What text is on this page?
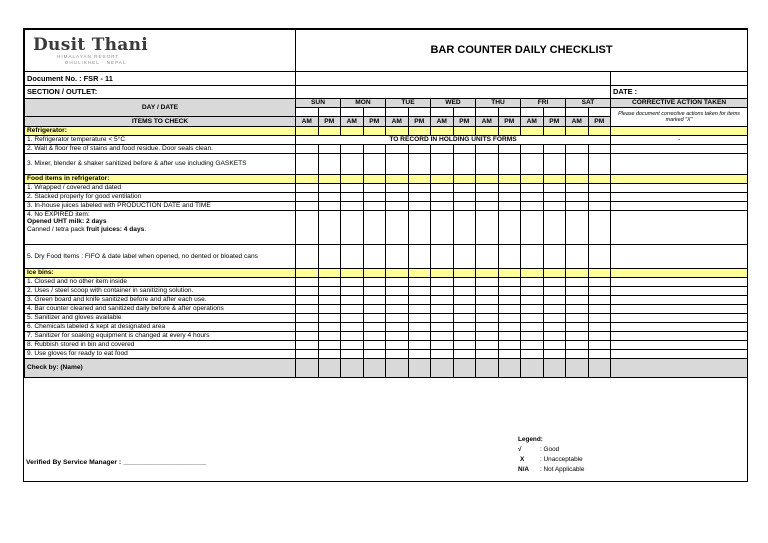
Dusit Thani
HIMALAYAN RESORT
DHULIKHEL · NEPAL	BAR COUNTER DAILY CHECKLIST														
Document No. : FSR - 11															
SECTION / OUTLET:															DATE :
DAY / DATE	SUN		MON		TUE		WED		THU		FRI		SAT		CORRECTIVE ACTION TAKEN
															Please document corrective actions taken for items marked "X"
ITEMS TO CHECK	AM	PM	AM	PM	AM	PM	AM	PM	AM	PM	AM	PM	AM	PM	
Refrigerator:															
1. Refrigerator temperature < 5°C	TO RECORD IN HOLDING UNITS FORMS														-
2. Wall & floor free of stains and food residue. Door seals clean.															
3. Mixer, blender & shaker sanitized before & after use including GASKETS															
Food items in refrigerator:															
1. Wrapped / covered and dated															
2. Stacked properly for good ventilation															
3. In-house juices labeled with PRODUCTION DATE and TIME															

4. No EXPIRED item:
Opened UHT milk: 2 days
Canned / tetra pack fruit juices: 4 days.															

5. Dry Food Items : FIFO & date label when opened, no dented or bloated cans															
Ice bins:															
1. Closed and no other item inside															
2. Uses / steel scoop with container in sanitizing solution.															
3. Green board and knife sanitized before and after each use.															
4. Bar counter cleaned and sanitized daily before & after operations															
5. Sanitizer and gloves available															
6. Chemicals labeled & kept at designated area															
7. Sanitizer for soaking equipment is changed at every 4 hours															
8. Rubbish stored in bin and covered															
9. Use gloves for ready to eat food															
Check by: (Name)															
Verified By Service Manager : ______________________
Legend:
√	: Good
X : Unacceptable
N/A : Not Applicable
